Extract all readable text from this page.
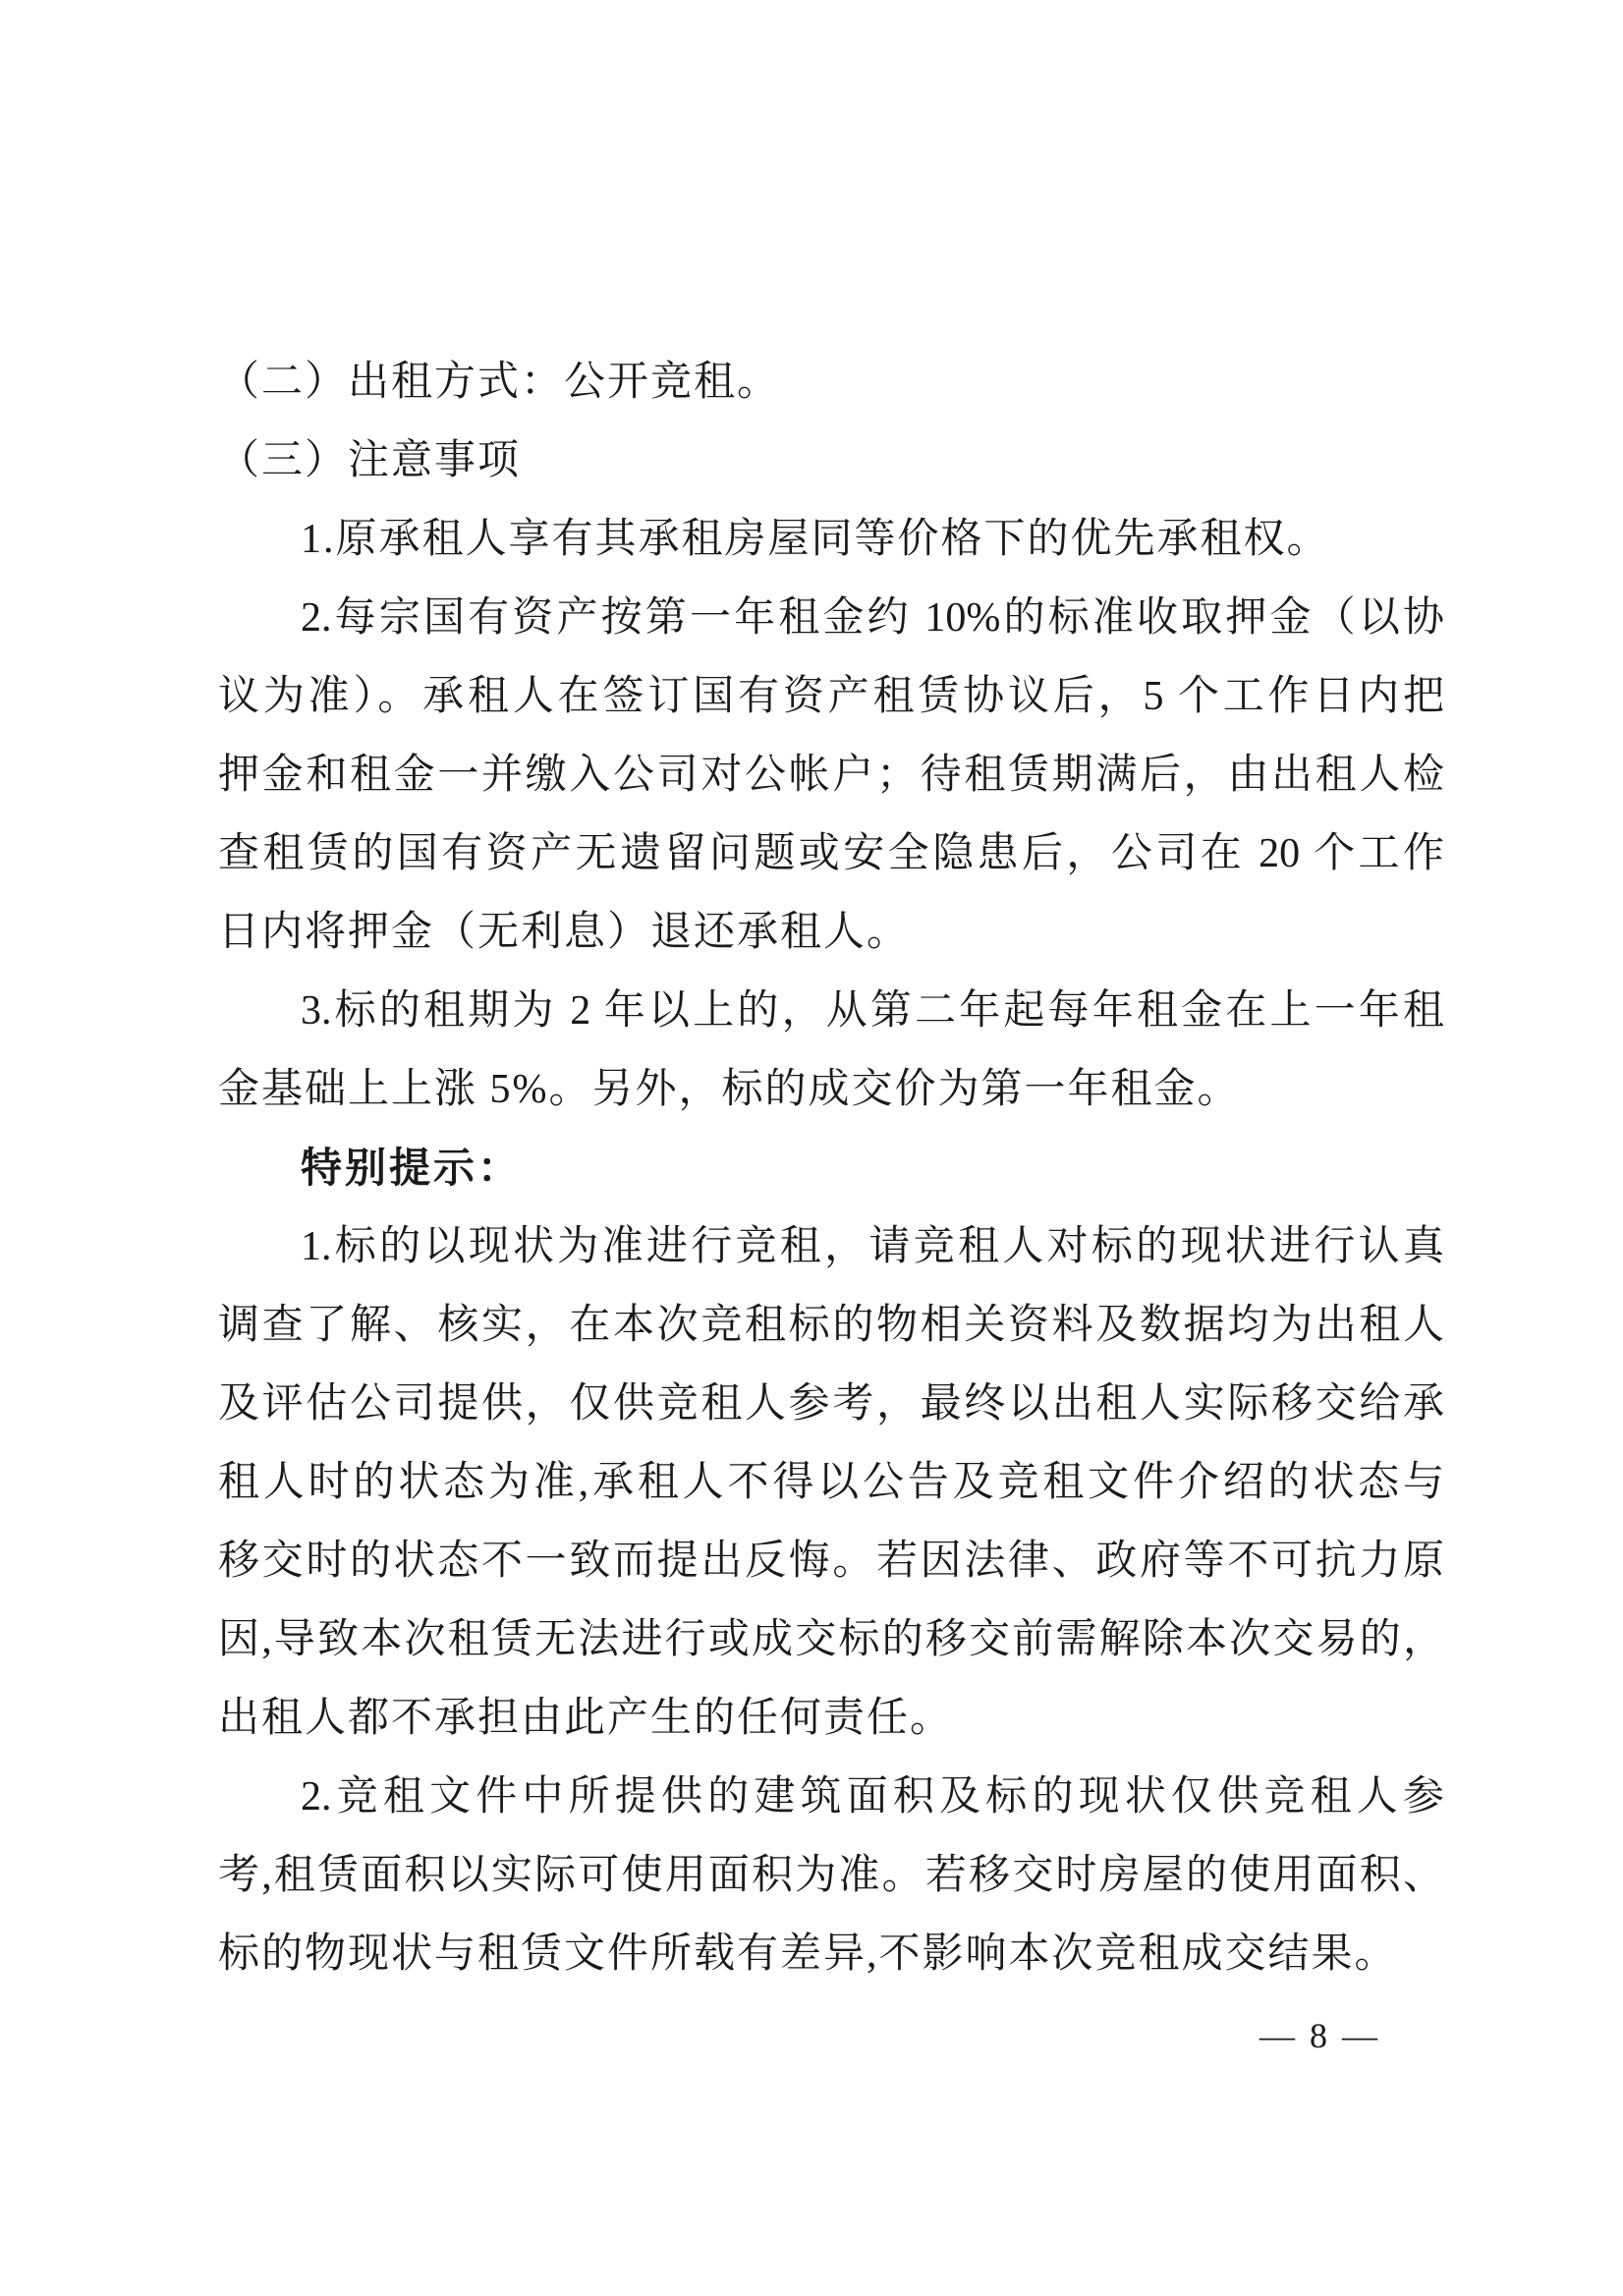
（二）出租方式：公开竞租。
（三）注意事项
1.原承租人享有其承租房屋同等价格下的优先承租权。
2.每宗国有资产按第一年租金约 10%的标准收取押金（以协
议为准）。承租人在签订国有资产租赁协议后，5 个工作日内把
押金和租金一并缴入公司对公帐户；待租赁期满后，由出租人检
查租赁的国有资产无遗留问题或安全隐患后，公司在 20 个工作
日内将押金（无利息）退还承租人。
3.标的租期为 2 年以上的，从第二年起每年租金在上一年租
金基础上上涨 5%。另外，标的成交价为第一年租金。
特别提示：
1.标的以现状为准进行竞租，请竞租人对标的现状进行认真
调查了解、核实，在本次竞租标的物相关资料及数据均为出租人
及评估公司提供，仅供竞租人参考，最终以出租人实际移交给承
租人时的状态为准,承租人不得以公告及竞租文件介绍的状态与
移交时的状态不一致而提出反悔。若因法律、政府等不可抗力原
因,导致本次租赁无法进行或成交标的移交前需解除本次交易的，
出租人都不承担由此产生的任何责任。
2.竞租文件中所提供的建筑面积及标的现状仅供竞租人参
考,租赁面积以实际可使用面积为准。若移交时房屋的使用面积、
标的物现状与租赁文件所载有差异,不影响本次竞租成交结果。
— 8 —
